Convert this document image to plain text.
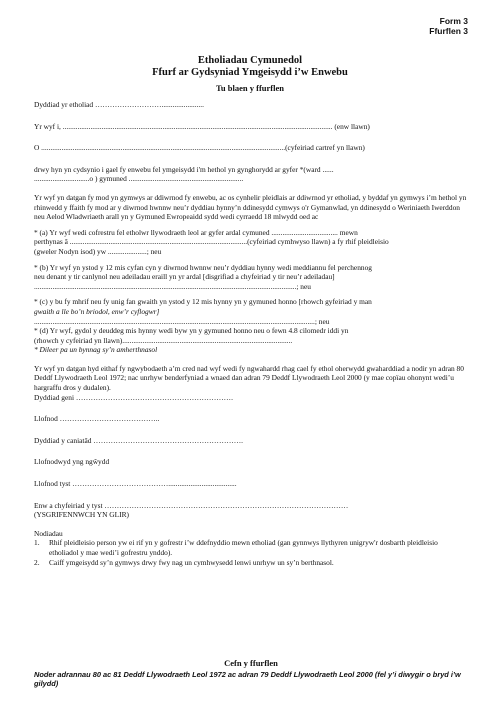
Form 3
Ffurflen 3
Etholiadau Cymunedol
Ffurf ar Gydsyniad Ymgeisydd i’w Enwebu
Tu blaen y ffurflen

Dyddiad yr etholiad ……………………….......................

Yr wyf i, .................................................................................................................................................. (enw llawn)

O ....................................................................................................................................(cyfeiriad cartref yn llawn)

drwy hyn yn cydsynio i gael fy enwebu fel ymgeisydd i'm hethol yn gynghorydd ar gyfer *(ward ......

..............................o ) gymuned ..............................................................

Yr wyf yn datgan fy mod yn gymwys ar ddiwrnod fy enwebu, ac os cynhelir pleidlais ar ddiwrnod yr etholiad, y byddaf yn gymwys i’m hethol yn rhinwedd y ffaith fy mod ar y diwrnod hwnnw neu’r dyddiau hynny’n ddinesydd cymwys o'r Gymanwlad, yn ddinesydd o Weriniaeth Iwerddon neu Aelod Wladwriaeth arall yn y Gymuned Ewropeaidd sydd wedi cyrraedd 18 mlwydd oed ac

* (a) Yr wyf wedi cofrestru fel etholwr llywodraeth leol ar gyfer ardal cymuned .................................... mewn

perthynas â ................................................................................................(cyfeiriad cymhwyso llawn) a fy rhif pleidleisio

(gweler Nodyn isod) yw .....................; neu

* (b) Yr wyf yn ystod y 12 mis cyfan cyn y diwrnod hwnnw neu’r dyddiau hynny wedi meddiannu fel perchennog

neu denant y tir canlynol neu adeiladau eraill yn yr ardal [disgrifiad a chyfeiriad y tir neu’r adeiladau]

..............................................................................................................................................; neu

* (c) y bu fy mhrif neu fy unig fan gwaith yn ystod y 12 mis hynny yn y gymuned honno [rhowch gyfeiriad y man

gwaith a lle bo’n briodol, enw’r cyflogwr]

........................................................................................................................................................; neu

* (d) Yr wyf, gydol y deuddeg mis hynny wedi byw yn y gymuned honno neu o fewn 4.8 cilomedr iddi yn

(rhowch y cyfeiriad yn llawn)............................................................................................

* Dileer pa un bynnag sy’n amherthnasol

Yr wyf yn datgan hyd eithaf fy ngwybodaeth a’m cred nad wyf wedi fy ngwahardd rhag cael fy ethol oherwydd gwaharddiad a nodir yn adran 80 Deddf Llywodraeth Leol 1972; nac unrhyw benderfyniad a wnaed dan adran 79 Deddf Llywodraeth Leol 2000 (y mae copïau ohonynt wedi’u hargraffu dros y dudalen).

Dyddiad geni ……………………………………………………….

Llofnod …………………………………..

Dyddiad y caniatâd …………………………………………………….

Llofnodwyd yng ngŵydd

Llofnod tyst ………………………………….....................................

Enw a chyfeiriad y tyst ………………………………………………………………………………………

(YSGRIFENNWCH YN GLIR)

Nodiadau

1.	Rhif pleidleisio person yw ei rif yn y gofrestr i’w ddefnyddio mewn etholiad (gan gynnwys llythyren unigryw'r dosbarth pleidleisio etholiadol y mae wedi’i gofrestru ynddo).
2.	Caiff ymgeisydd sy’n gymwys drwy fwy nag un cymhwysedd lenwi unrhyw un sy’n berthnasol.
Cefn y ffurflen
Noder adrannau 80 ac 81 Deddf Llywodraeth Leol 1972 ac adran 79 Deddf Llywodraeth Leol 2000 (fel y’i diwygir o bryd i’w gilydd)
